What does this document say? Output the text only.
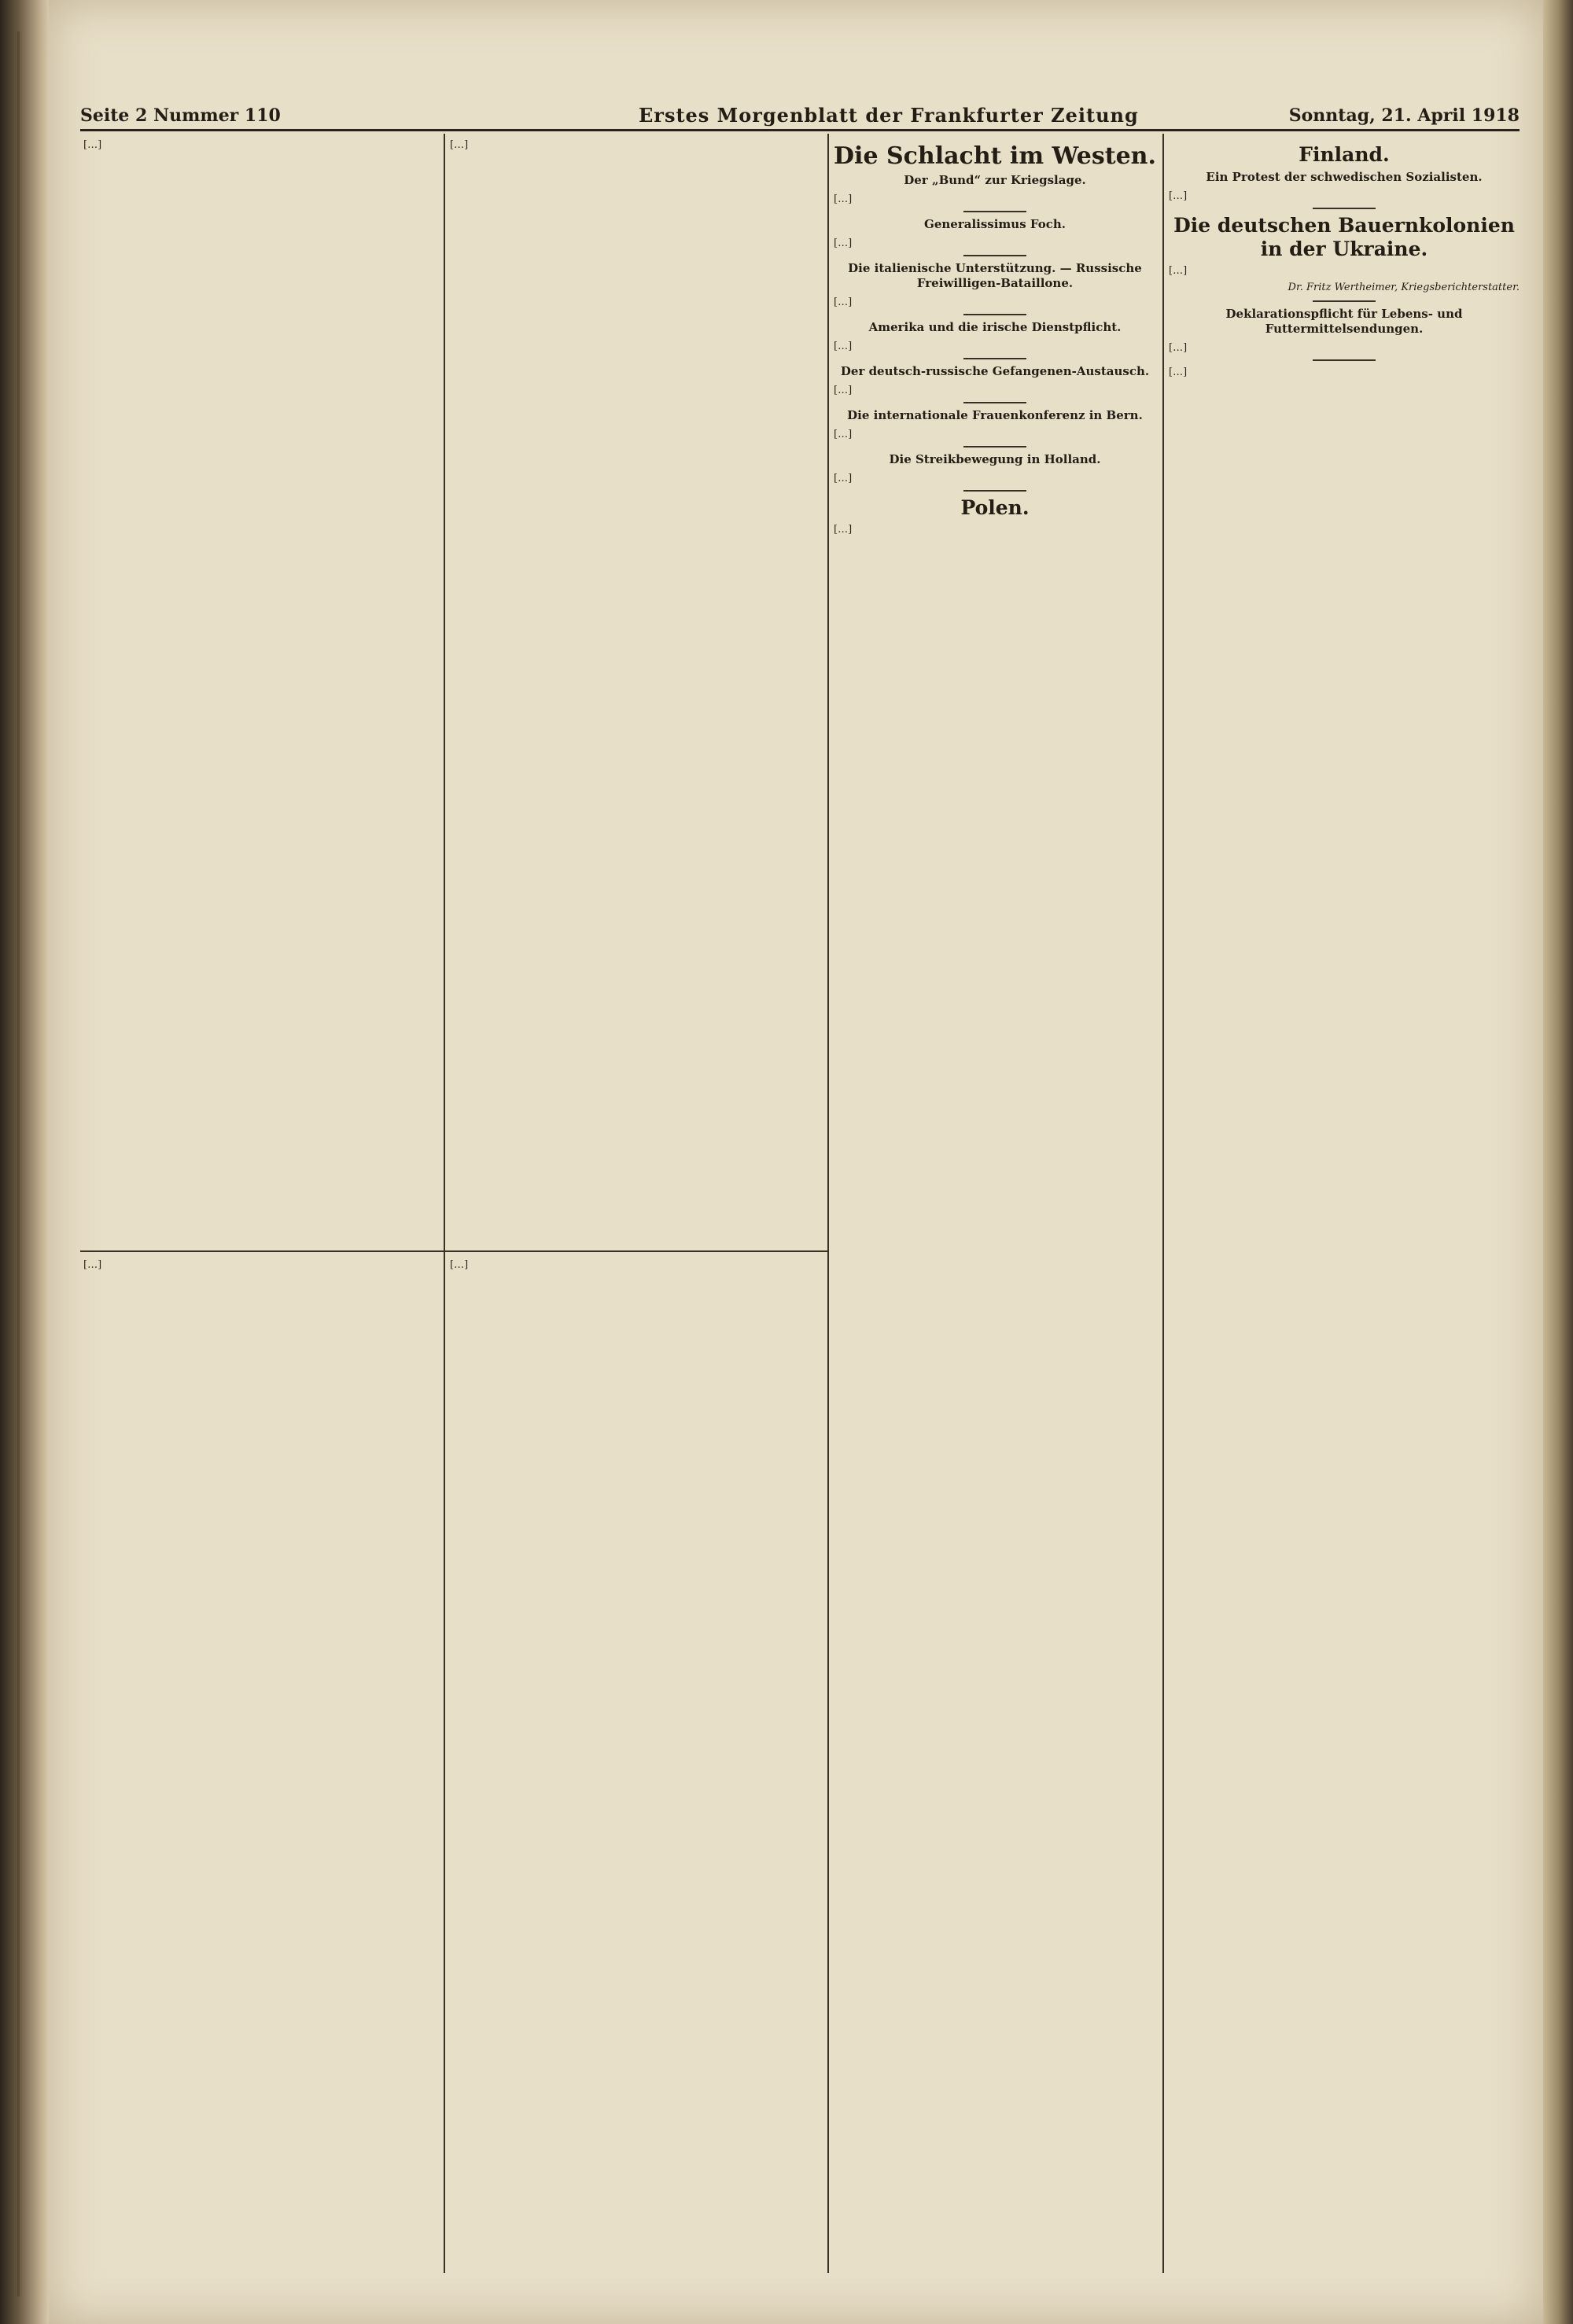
Seite 2 Nummer 110	Erstes Morgenblatt der Frankfurter Zeitung	Sonntag, 21. April 1918
[…]	[…]
[…]	[…]
Die Schlacht im Westen.
Der „Bund“ zur Kriegslage.
[…]
Generalissimus Foch.
[…]
Die italienische Unterstützung. — Russische Freiwilligen-Bataillone.
[…]
Amerika und die irische Dienstpflicht.
[…]
Der deutsch-russische Gefangenen-Austausch.
[…]
Die internationale Frauenkonferenz in Bern.
[…]
Die Streikbewegung in Holland.
[…]
Polen.
[…]
Finland.
Ein Protest der schwedischen Sozialisten.
[…]
Die deutschen Bauernkolonien in der Ukraine.
[…]
Dr. Fritz Wertheimer, Kriegsberichterstatter.
Deklarationspflicht für Lebens- und Futtermittelsendungen.
[…]
[…]
